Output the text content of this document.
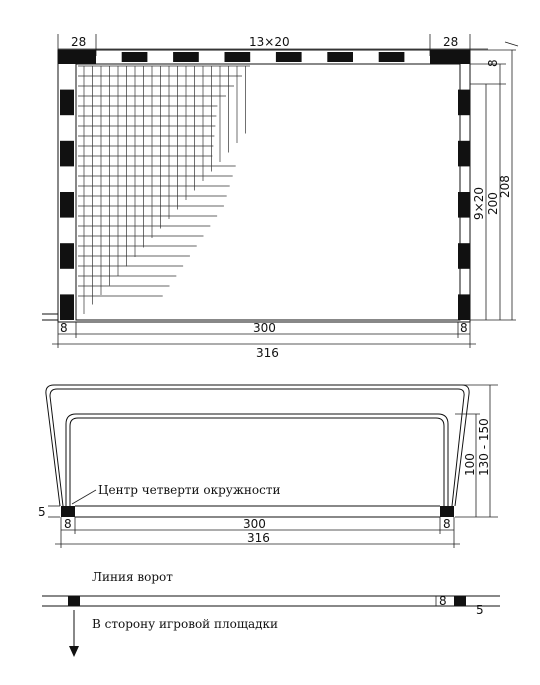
28	13×20	28
8
9×20 200
208
8	300	8
316
Центр четверти окружности
5
100 130 - 150
8	300	8
316
Линия ворот
8
5
В сторону игровой площадки
